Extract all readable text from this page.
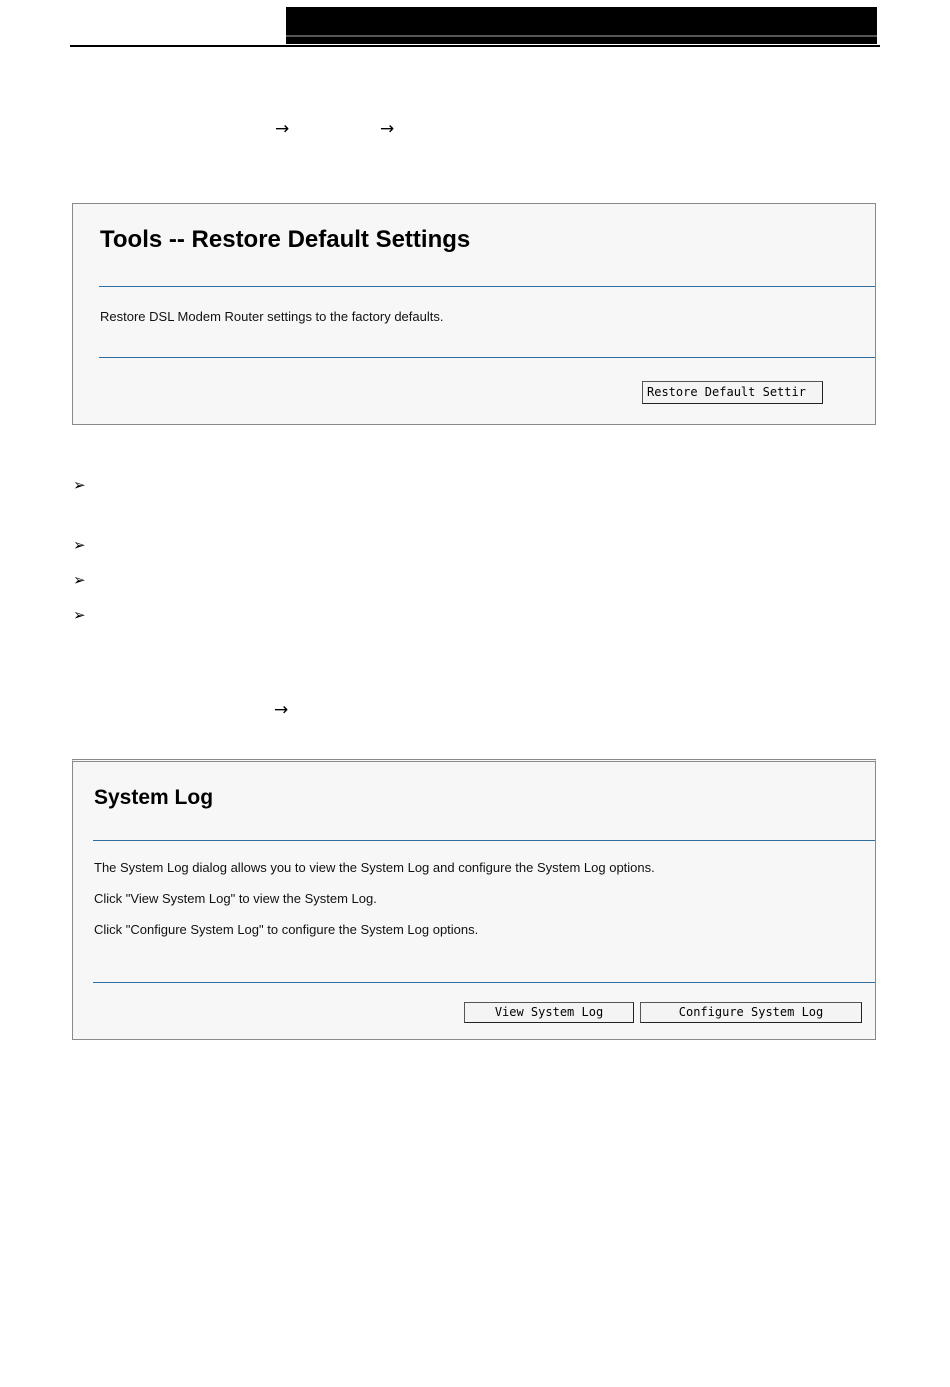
→	→
Tools -- Restore Default Settings
Restore DSL Modem Router settings to the factory defaults.
Restore Default Settir
➢
➢
➢
➢
→
System Log
The System Log dialog allows you to view the System Log and configure the System Log options.
Click "View System Log" to view the System Log.
Click "Configure System Log" to configure the System Log options.
View System Log	Configure System Log
